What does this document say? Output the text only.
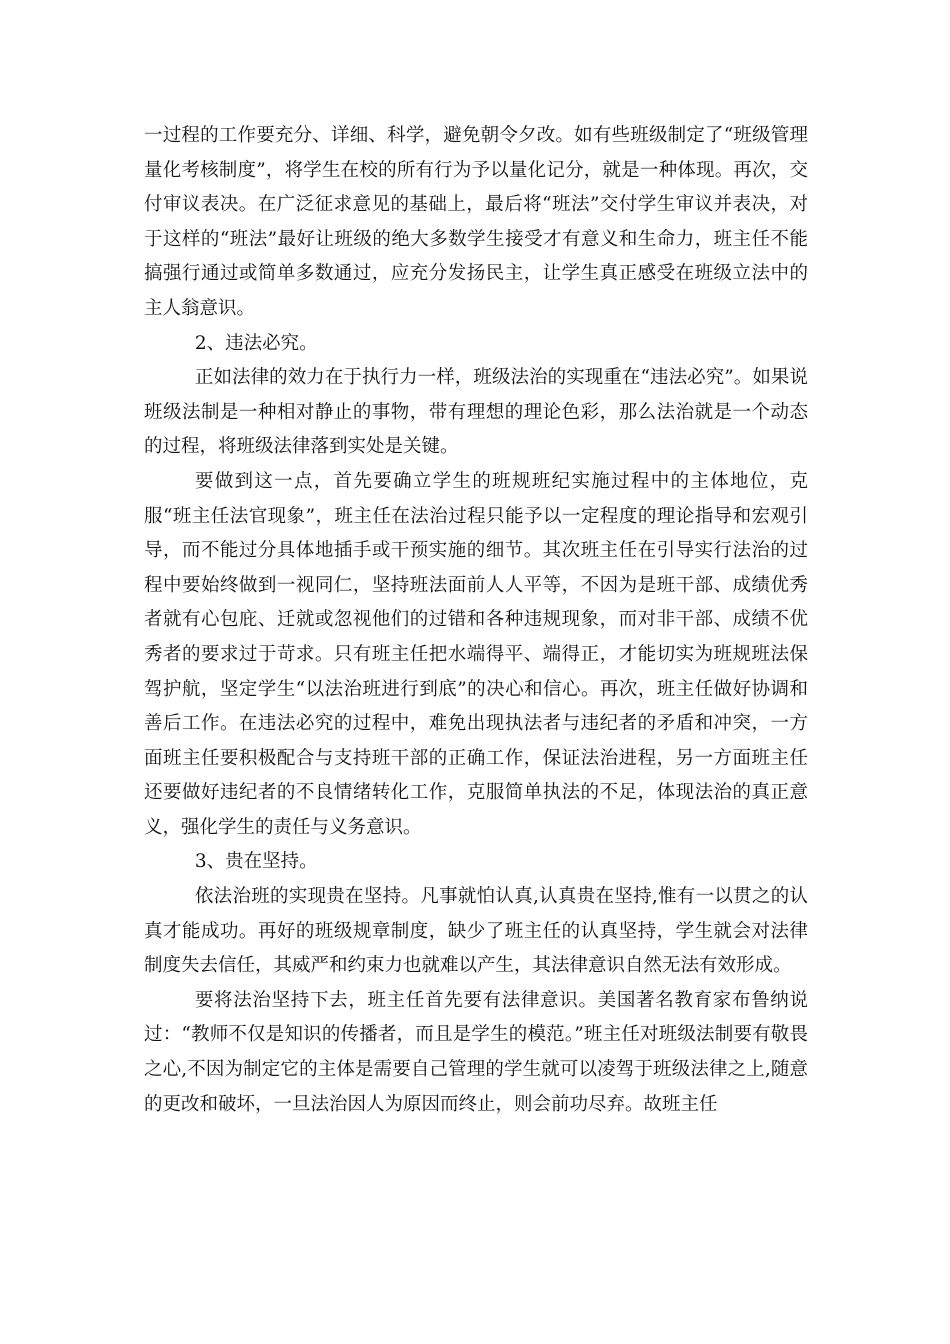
一过程的工作要充分、详细、科学，避免朝令夕改。如有些班级制定了“班级管理量化考核制度”，将学生在校的所有行为予以量化记分，就是一种体现。再次，交付审议表决。在广泛征求意见的基础上，最后将“班法”交付学生审议并表决，对于这样的“班法”最好让班级的绝大多数学生接受才有意义和生命力，班主任不能搞强行通过或简单多数通过，应充分发扬民主，让学生真正感受在班级立法中的主人翁意识。

2、违法必究。

正如法律的效力在于执行力一样，班级法治的实现重在“违法必究”。如果说班级法制是一种相对静止的事物，带有理想的理论色彩，那么法治就是一个动态的过程，将班级法律落到实处是关键。

要做到这一点，首先要确立学生的班规班纪实施过程中的主体地位，克服“班主任法官现象”，班主任在法治过程只能予以一定程度的理论指导和宏观引导，而不能过分具体地插手或干预实施的细节。其次班主任在引导实行法治的过程中要始终做到一视同仁，坚持班法面前人人平等，不因为是班干部、成绩优秀者就有心包庇、迁就或忽视他们的过错和各种违规现象，而对非干部、成绩不优秀者的要求过于苛求。只有班主任把水端得平、端得正，才能切实为班规班法保驾护航，坚定学生“以法治班进行到底”的决心和信心。再次，班主任做好协调和善后工作。在违法必究的过程中，难免出现执法者与违纪者的矛盾和冲突，一方面班主任要积极配合与支持班干部的正确工作，保证法治进程，另一方面班主任还要做好违纪者的不良情绪转化工作，克服简单执法的不足，体现法治的真正意义，强化学生的责任与义务意识。

3、贵在坚持。

依法治班的实现贵在坚持。凡事就怕认真,认真贵在坚持,惟有一以贯之的认真才能成功。再好的班级规章制度，缺少了班主任的认真坚持，学生就会对法律制度失去信任，其威严和约束力也就难以产生，其法律意识自然无法有效形成。

要将法治坚持下去，班主任首先要有法律意识。美国著名教育家布鲁纳说过：“教师不仅是知识的传播者，而且是学生的模范。”班主任对班级法制要有敬畏之心,不因为制定它的主体是需要自己管理的学生就可以凌驾于班级法律之上,随意的更改和破坏，一旦法治因人为原因而终止，则会前功尽弃。故班主任
